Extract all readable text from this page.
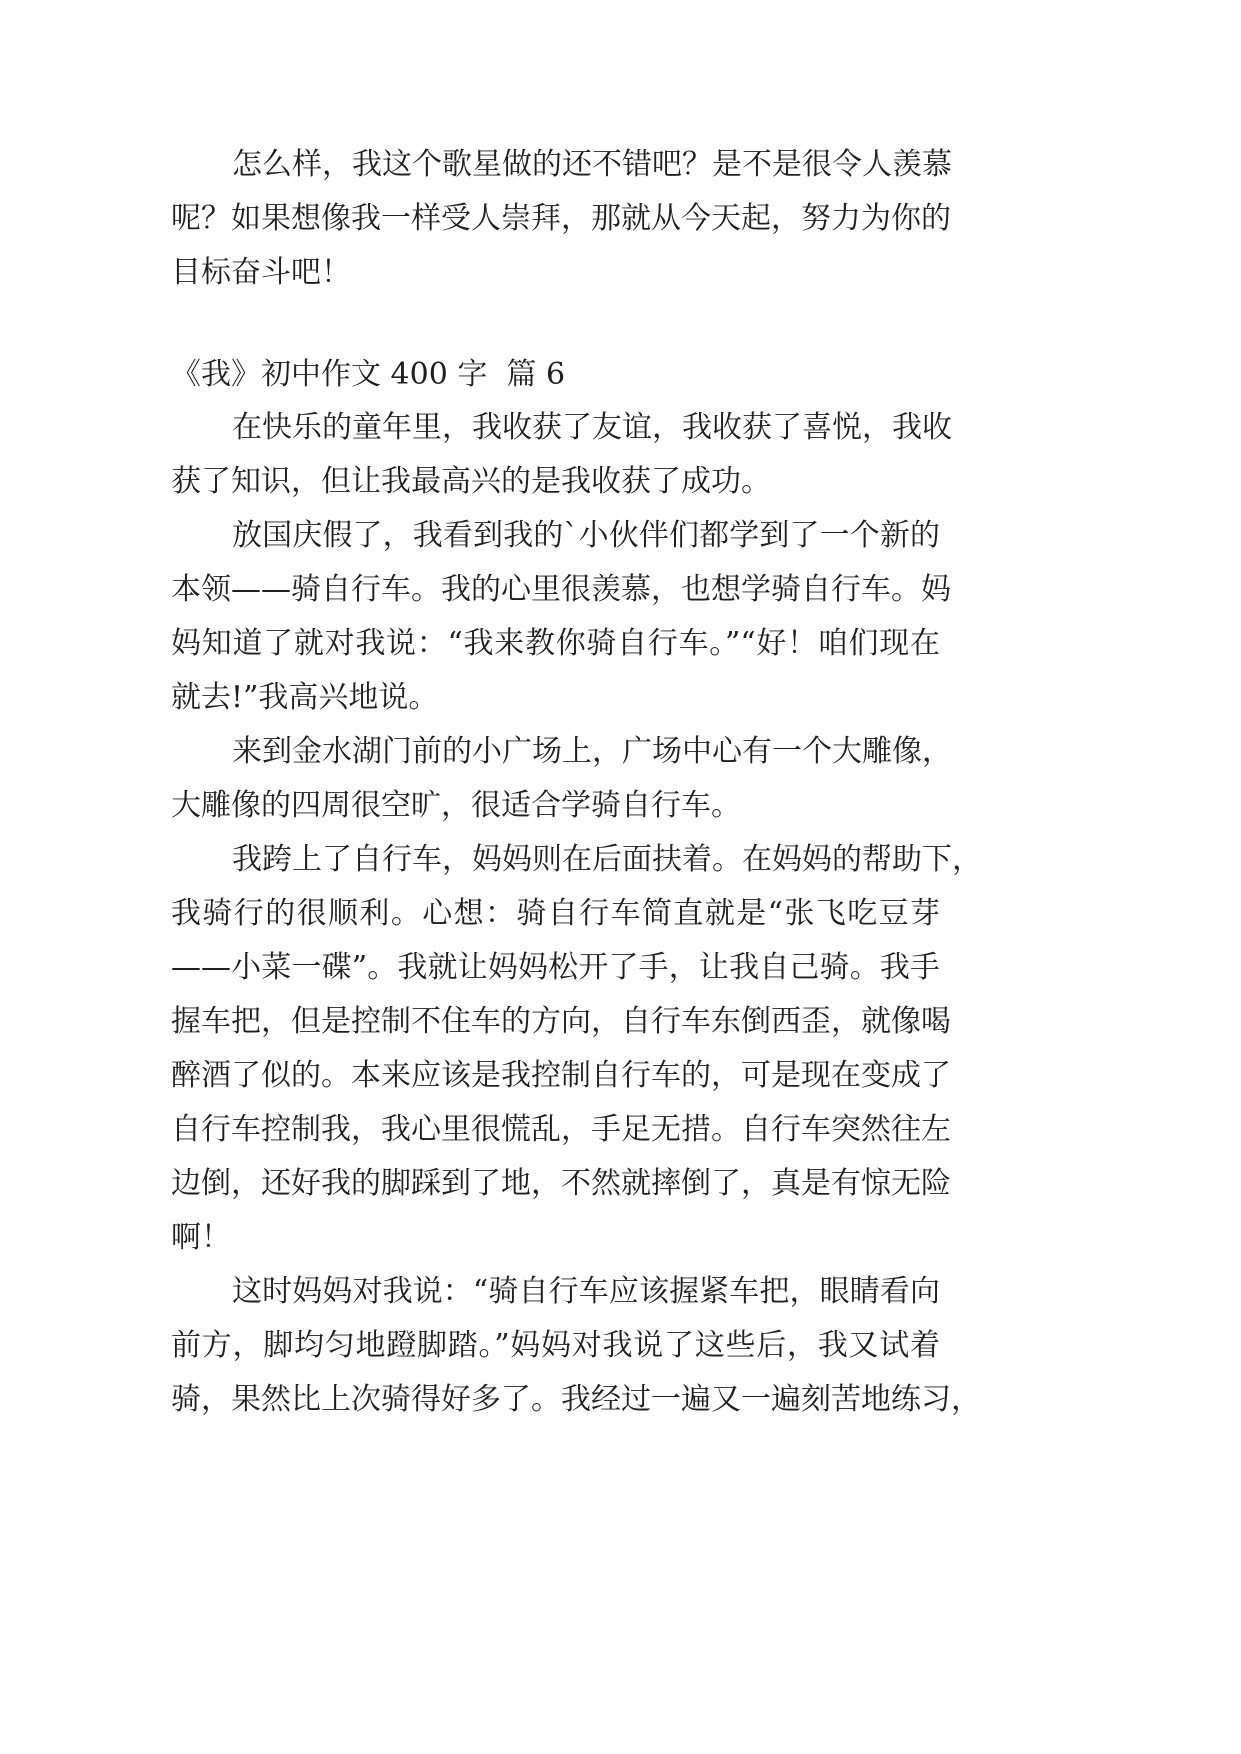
怎么样，我这个歌星做的还不错吧？是不是很令人羡慕
呢？如果想像我一样受人崇拜，那就从今天起，努力为你的
目标奋斗吧！
《我》初中作文 400 字  篇 6
在快乐的童年里，我收获了友谊，我收获了喜悦，我收
获了知识，但让我最高兴的是我收获了成功。
放国庆假了，我看到我的`小伙伴们都学到了一个新的
本领——骑自行车。我的心里很羡慕，也想学骑自行车。妈
妈知道了就对我说：“我来教你骑自行车。”“好！咱们现在
就去!”我高兴地说。
来到金水湖门前的小广场上，广场中心有一个大雕像，
大雕像的四周很空旷，很适合学骑自行车。
我跨上了自行车，妈妈则在后面扶着。在妈妈的帮助下，
我骑行的很顺利。心想：骑自行车简直就是“张飞吃豆芽
——小菜一碟”。我就让妈妈松开了手，让我自己骑。我手
握车把，但是控制不住车的方向，自行车东倒西歪，就像喝
醉酒了似的。本来应该是我控制自行车的，可是现在变成了
自行车控制我，我心里很慌乱，手足无措。自行车突然往左
边倒，还好我的脚踩到了地，不然就摔倒了，真是有惊无险
啊！
这时妈妈对我说：“骑自行车应该握紧车把，眼睛看向
前方，脚均匀地蹬脚踏。”妈妈对我说了这些后，我又试着
骑，果然比上次骑得好多了。我经过一遍又一遍刻苦地练习，
